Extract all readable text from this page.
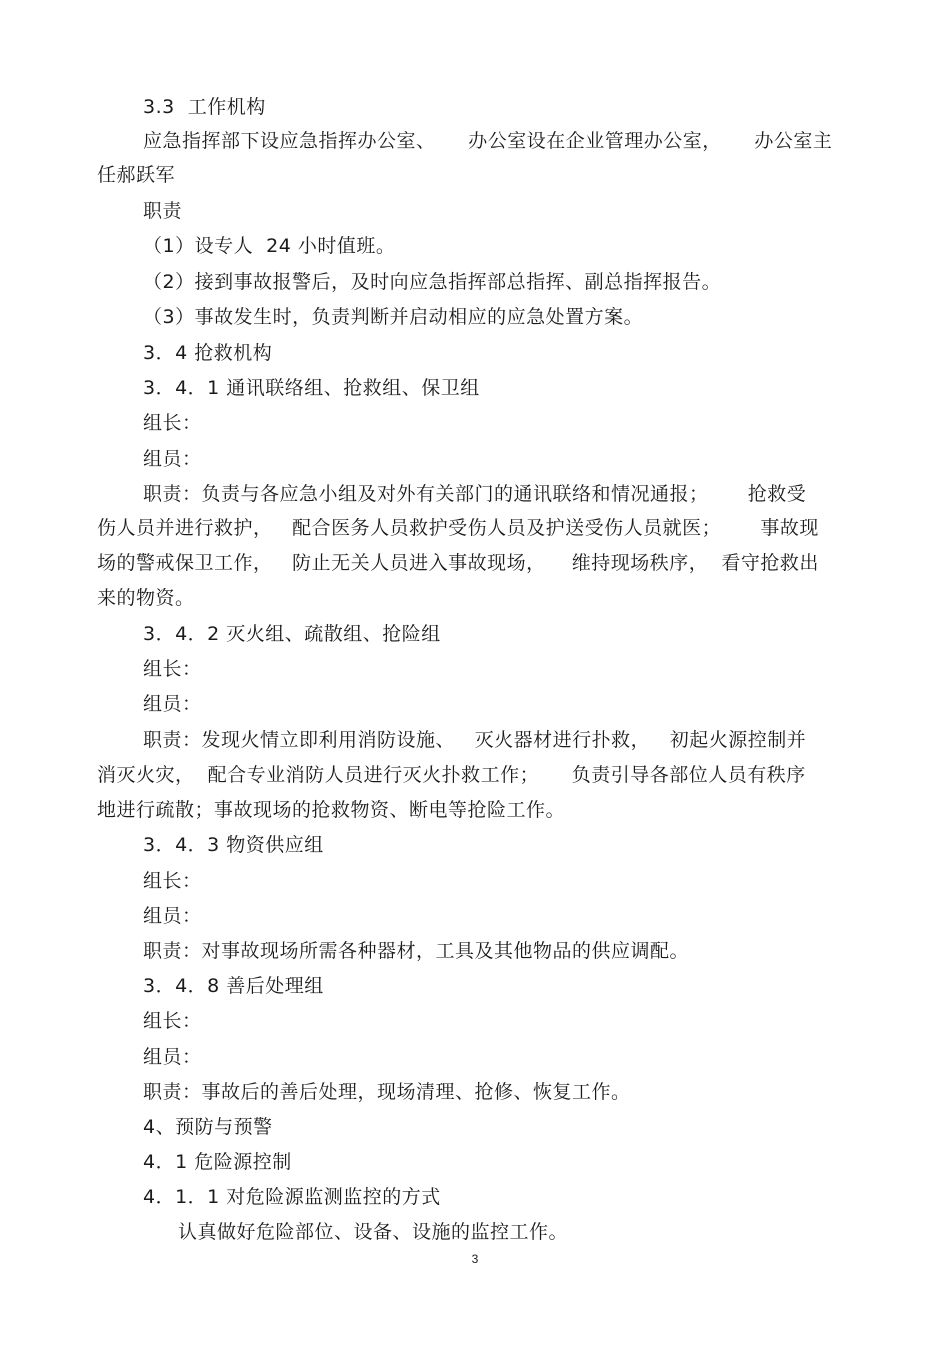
3.3  工作机构
应急指挥部下设应急指挥办公室、     办公室设在企业管理办公室，     办公室主
任郝跃军
职责
（1）设专人  24 小时值班。
（2）接到事故报警后，及时向应急指挥部总指挥、副总指挥报告。
（3）事故发生时，负责判断并启动相应的应急处置方案。
3．4 抢救机构
3．4．1 通讯联络组、抢救组、保卫组
组长：
组员：
职责：负责与各应急小组及对外有关部门的通讯联络和情况通报；      抢救受
伤人员并进行救护，   配合医务人员救护受伤人员及护送受伤人员就医；      事故现
场的警戒保卫工作，   防止无关人员进入事故现场，    维持现场秩序，  看守抢救出
来的物资。
3．4．2 灭火组、疏散组、抢险组
组长：
组员：
职责：发现火情立即利用消防设施、   灭火器材进行扑救，   初起火源控制并
消灭火灾，  配合专业消防人员进行灭火扑救工作；     负责引导各部位人员有秩序
地进行疏散；事故现场的抢救物资、断电等抢险工作。
3．4．3 物资供应组
组长：
组员：
职责：对事故现场所需各种器材，工具及其他物品的供应调配。
3．4．8 善后处理组
组长：
组员：
职责：事故后的善后处理，现场清理、抢修、恢复工作。
4、预防与预警
4．1 危险源控制
4．1．1 对危险源监测监控的方式
认真做好危险部位、设备、设施的监控工作。
3
